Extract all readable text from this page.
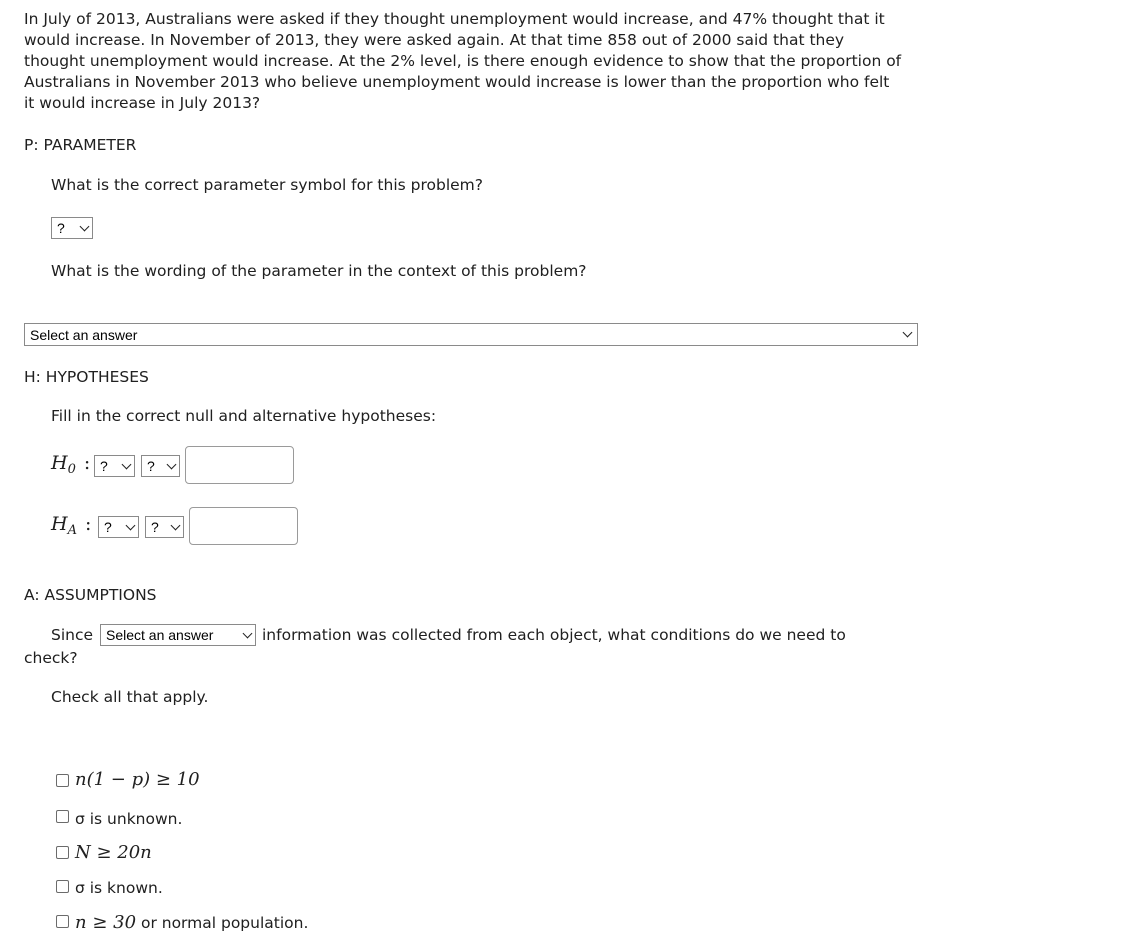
In July of 2013, Australians were asked if they thought unemployment would increase, and 47% thought that it would increase. In November of 2013, they were asked again. At that time 858 out of 2000 said that they thought unemployment would increase. At the 2% level, is there enough evidence to show that the proportion of Australians in November 2013 who believe unemployment would increase is lower than the proportion who felt it would increase in July 2013?
P: PARAMETER
What is the correct parameter symbol for this problem?
?
What is the wording of the parameter in the context of this problem?
Select an answer
H: HYPOTHESES
Fill in the correct null and alternative hypotheses:
$H_0$ : ?	?
$H_A$ : ?	?
A: ASSUMPTIONS
Since Select an answer	information was collected from each object, what conditions do we need to
check?
Check all that apply.
n(1 − p) ≥ 10
σ is unknown.
N ≥ 20n
σ is known.
n ≥ 30 or normal population.
